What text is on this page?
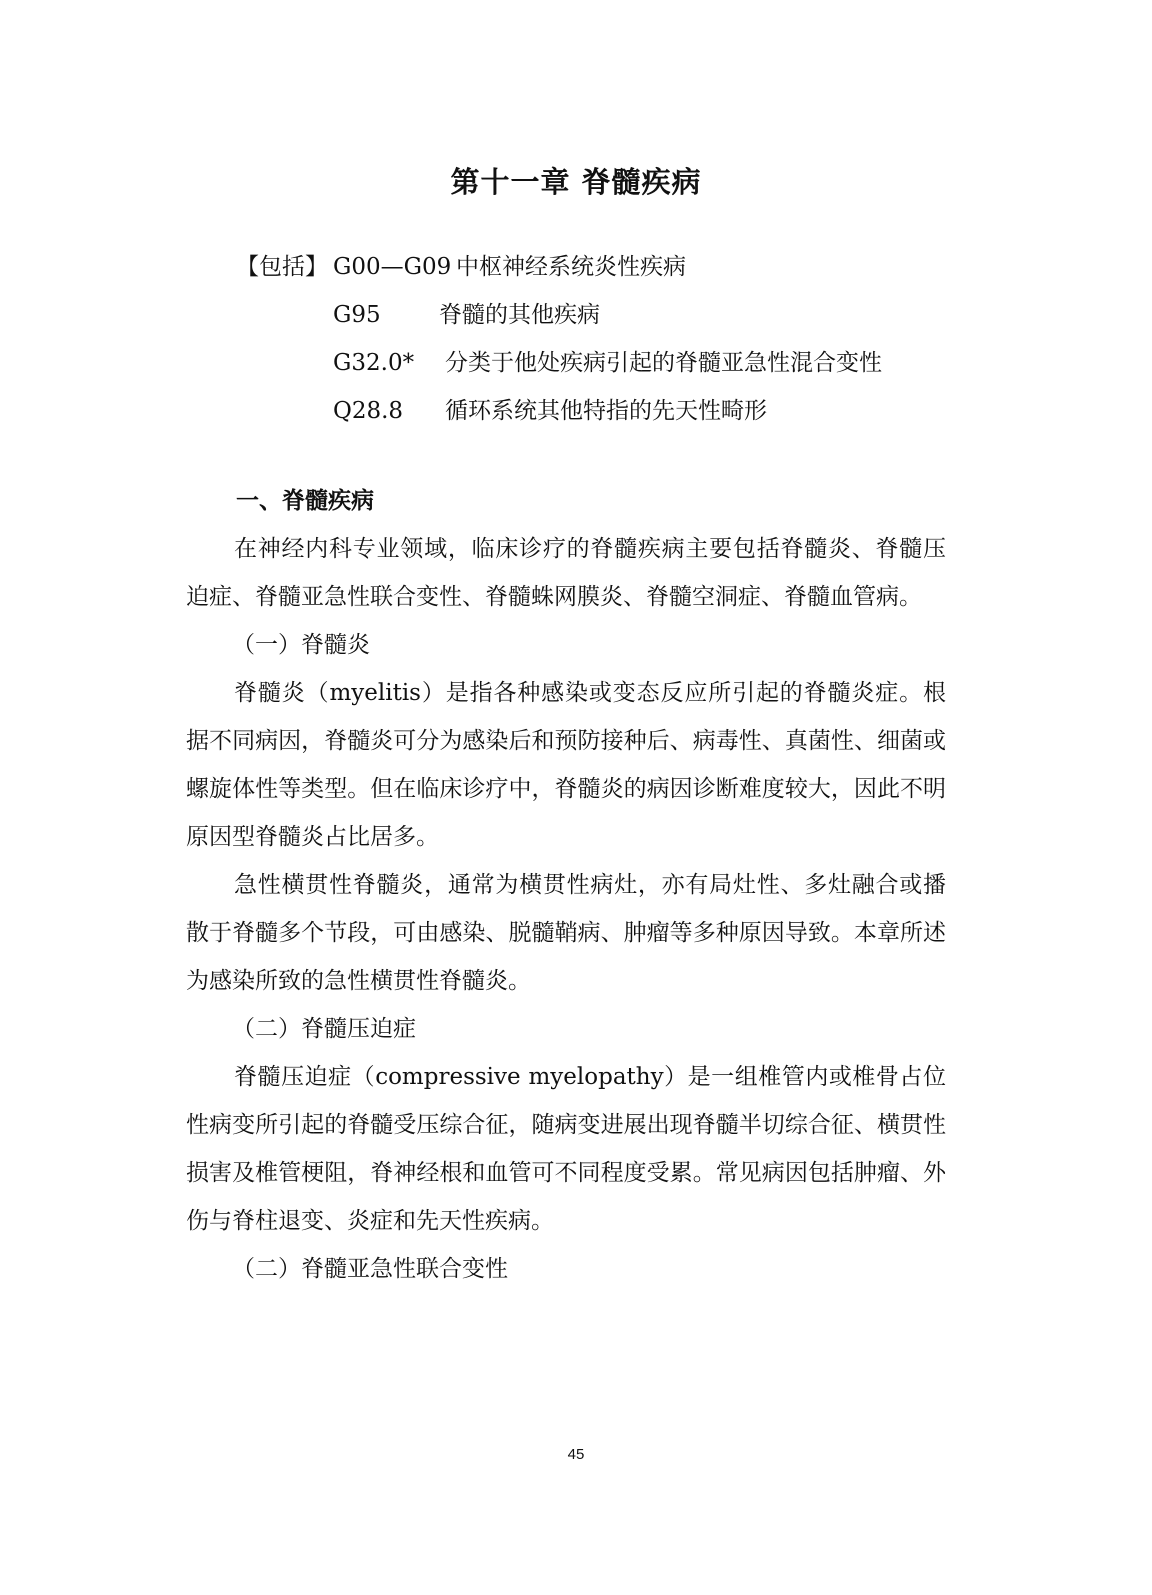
第十一章 脊髓疾病
【包括】 G00—G09 中枢神经系统炎性疾病
G95	脊髓的其他疾病
G32.0* 分类于他处疾病引起的脊髓亚急性混合变性
Q28.8 循环系统其他特指的先天性畸形

一、脊髓疾病

在神经内科专业领域，临床诊疗的脊髓疾病主要包括脊髓炎、脊髓压迫症、脊髓亚急性联合变性、脊髓蛛网膜炎、脊髓空洞症、脊髓血管病。

（一）脊髓炎

脊髓炎（myelitis）是指各种感染或变态反应所引起的脊髓炎症。根据不同病因，脊髓炎可分为感染后和预防接种后、病毒性、真菌性、细菌或螺旋体性等类型。但在临床诊疗中，脊髓炎的病因诊断难度较大，因此不明原因型脊髓炎占比居多。

急性横贯性脊髓炎，通常为横贯性病灶，亦有局灶性、多灶融合或播散于脊髓多个节段，可由感染、脱髓鞘病、肿瘤等多种原因导致。本章所述为感染所致的急性横贯性脊髓炎。

（二）脊髓压迫症

脊髓压迫症（compressive myelopathy）是一组椎管内或椎骨占位性病变所引起的脊髓受压综合征，随病变进展出现脊髓半切综合征、横贯性损害及椎管梗阻，脊神经根和血管可不同程度受累。常见病因包括肿瘤、外伤与脊柱退变、炎症和先天性疾病。

（二）脊髓亚急性联合变性

45
